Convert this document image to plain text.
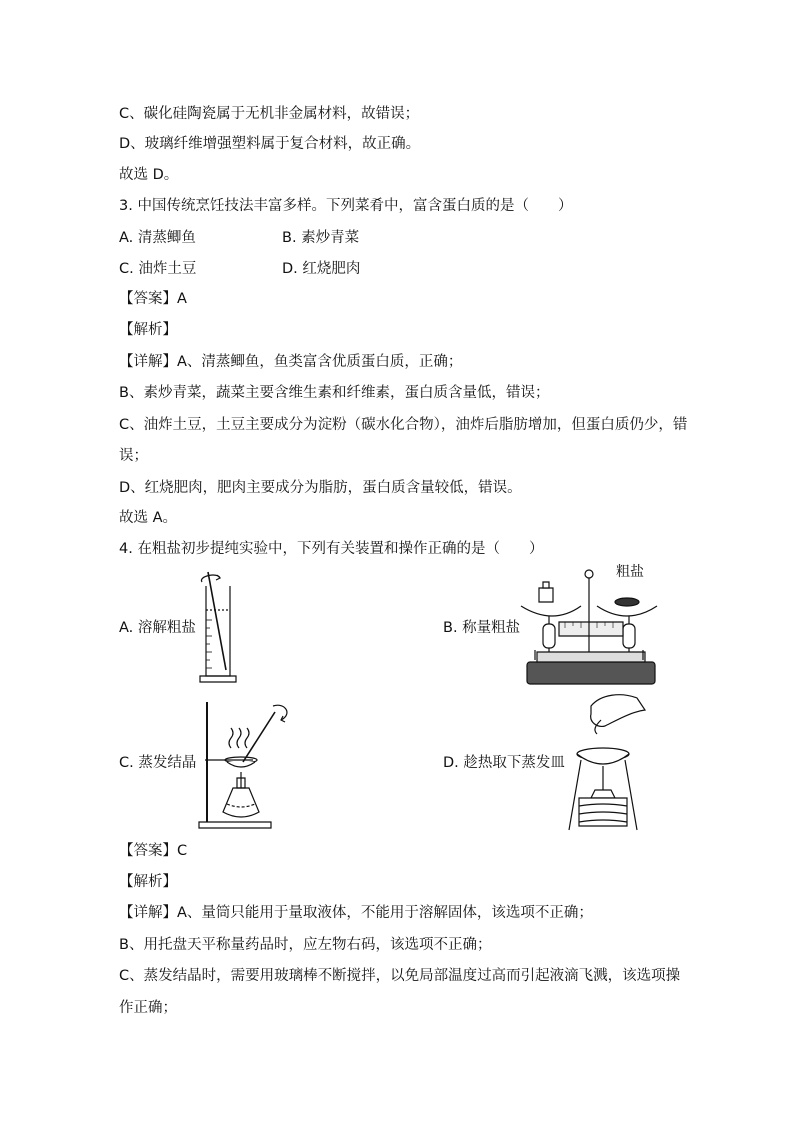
C、碳化硅陶瓷属于无机非金属材料，故错误；
D、玻璃纤维增强塑料属于复合材料，故正确。
故选 D。
3. 中国传统烹饪技法丰富多样。下列菜肴中，富含蛋白质的是（　　）
A. 清蒸鲫鱼	B. 素炒青菜
C. 油炸土豆	D. 红烧肥肉
【答案】A
【解析】
【详解】A、清蒸鲫鱼，鱼类富含优质蛋白质，正确；
B、素炒青菜，蔬菜主要含维生素和纤维素，蛋白质含量低，错误；
C、油炸土豆，土豆主要成分为淀粉（碳水化合物），油炸后脂肪增加，但蛋白质仍少，错
误；
D、红烧肥肉，肥肉主要成分为脂肪，蛋白质含量较低，错误。
故选 A。
4. 在粗盐初步提纯实验中，下列有关装置和操作正确的是（　　）
A. 溶解粗盐	B. 称量粗盐
C. 蒸发结晶	D. 趁热取下蒸发皿
粗盐
【答案】C
【解析】
【详解】A、量筒只能用于量取液体，不能用于溶解固体，该选项不正确；
B、用托盘天平称量药品时，应左物右码，该选项不正确；
C、蒸发结晶时，需要用玻璃棒不断搅拌，以免局部温度过高而引起液滴飞溅，该选项操
作正确；
